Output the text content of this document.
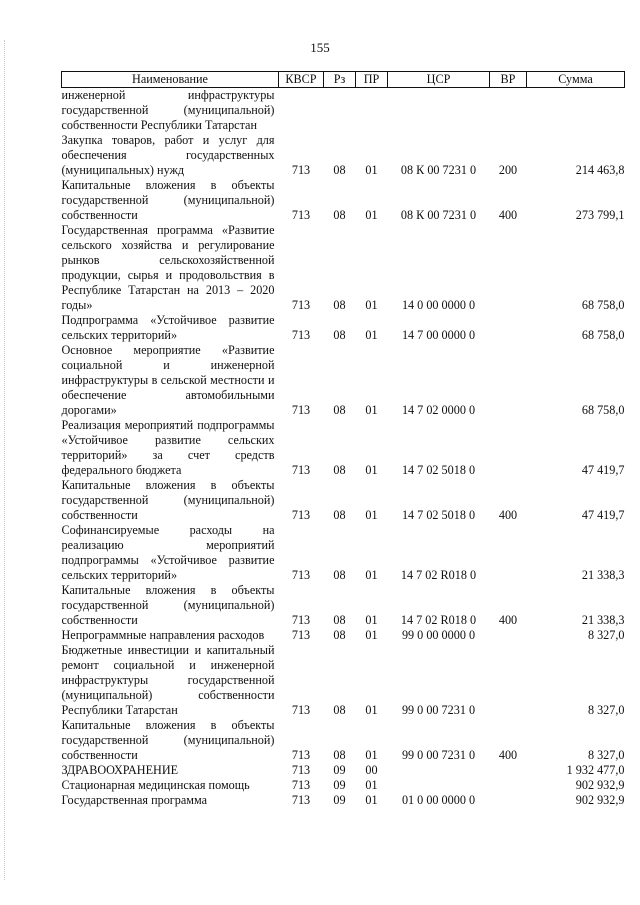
155
Наименование	КВСР	Рз	ПР	ЦСР	ВР	Сумма
инженерной инфраструктуры государственной (муниципальной) собственности Республики Татарстан						
Закупка товаров, работ и услуг для обеспечения государственных (муниципальных) нужд	713	08	01	08 К 00 7231 0	200	214 463,8
Капитальные вложения в объекты государственной (муниципальной) собственности	713	08	01	08 К 00 7231 0	400	273 799,1
Государственная программа «Развитие сельского хозяйства и регулирование рынков сельскохозяйственной продукции, сырья и продовольствия в Республике Татарстан на 2013 – 2020 годы»	713	08	01	14 0 00 0000 0		68 758,0
Подпрограмма «Устойчивое развитие сельских территорий»	713	08	01	14 7 00 0000 0		68 758,0
Основное мероприятие «Развитие социальной и инженерной инфраструктуры в сельской местности и обеспечение автомобильными дорогами»	713	08	01	14 7 02 0000 0		68 758,0
Реализация мероприятий подпрограммы «Устойчивое развитие сельских территорий» за счет средств федерального бюджета	713	08	01	14 7 02 5018 0		47 419,7
Капитальные вложения в объекты государственной (муниципальной) собственности	713	08	01	14 7 02 5018 0	400	47 419,7
Софинансируемые расходы на реализацию мероприятий подпрограммы «Устойчивое развитие сельских территорий»	713	08	01	14 7 02 R018 0		21 338,3
Капитальные вложения в объекты государственной (муниципальной) собственности	713	08	01	14 7 02 R018 0	400	21 338,3
Непрограммные направления расходов	713	08	01	99 0 00 0000 0		8 327,0
Бюджетные инвестиции и капитальный ремонт социальной и инженерной инфраструктуры государственной (муниципальной) собственности Республики Татарстан	713	08	01	99 0 00 7231 0		8 327,0
Капитальные вложения в объекты государственной (муниципальной) собственности	713	08	01	99 0 00 7231 0	400	8 327,0
ЗДРАВООХРАНЕНИЕ	713	09	00			1 932 477,0
Стационарная медицинская помощь	713	09	01			902 932,9
Государственная программа	713	09	01	01 0 00 0000 0		902 932,9
